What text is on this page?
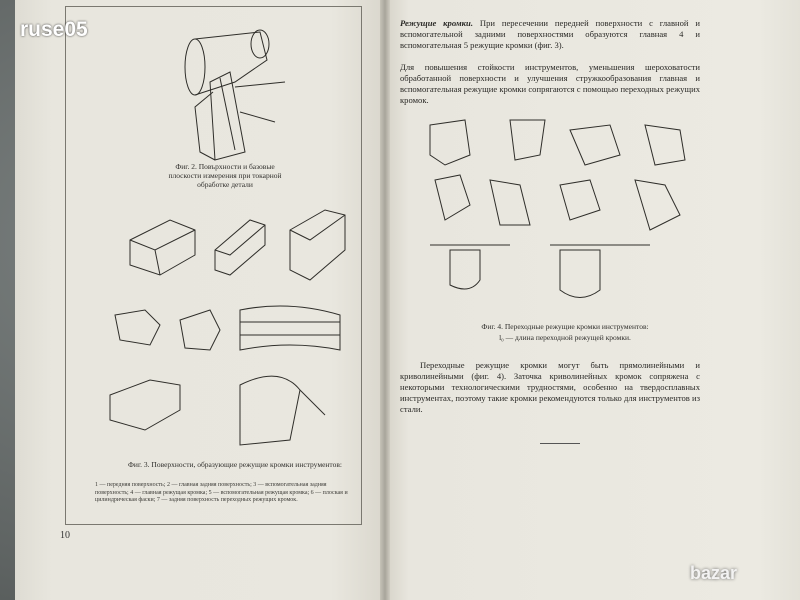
Фиг. 2. Повърхности и базовые плоскости измерения при токарной обработке детали
Фиг. 3. Поверхности, образующие режущие кромки инструментов:
1 — передняя поверхность; 2 — главная задняя поверхность; 3 — вспомогательная задняя поверхность; 4 — главная режущая кромка; 5 — вспомогательная режущая кромка; 6 — плоская и цилиндрическая фаски; 7 — задняя поверхность переходных режущих кромок.
10
Режущие кромки. При пересечении передней поверхности с главной и вспомогательной задними поверхностями образуются главная 4 и вспомогательная 5 режущие кромки (фиг. 3).
Для повышения стойкости инструментов, уменьшения шероховатости обработанной поверхности и улучшения стружкообразования главная и вспомогательная режущие кромки сопрягаются с помощью переходных режущих кромок.
Фиг. 4. Переходные режущие кромки инструментов:
l₀ — длина переходной режущей кромки.
Переходные режущие кромки могут быть прямолинейными и криволинейными (фиг. 4). Заточка криволинейных кромок сопряжена с некоторыми технологическими трудностями, особенно на твердосплавных инструментах, поэтому такие кромки рекомендуются только для инструментов из стали.
ruse05
bazar
